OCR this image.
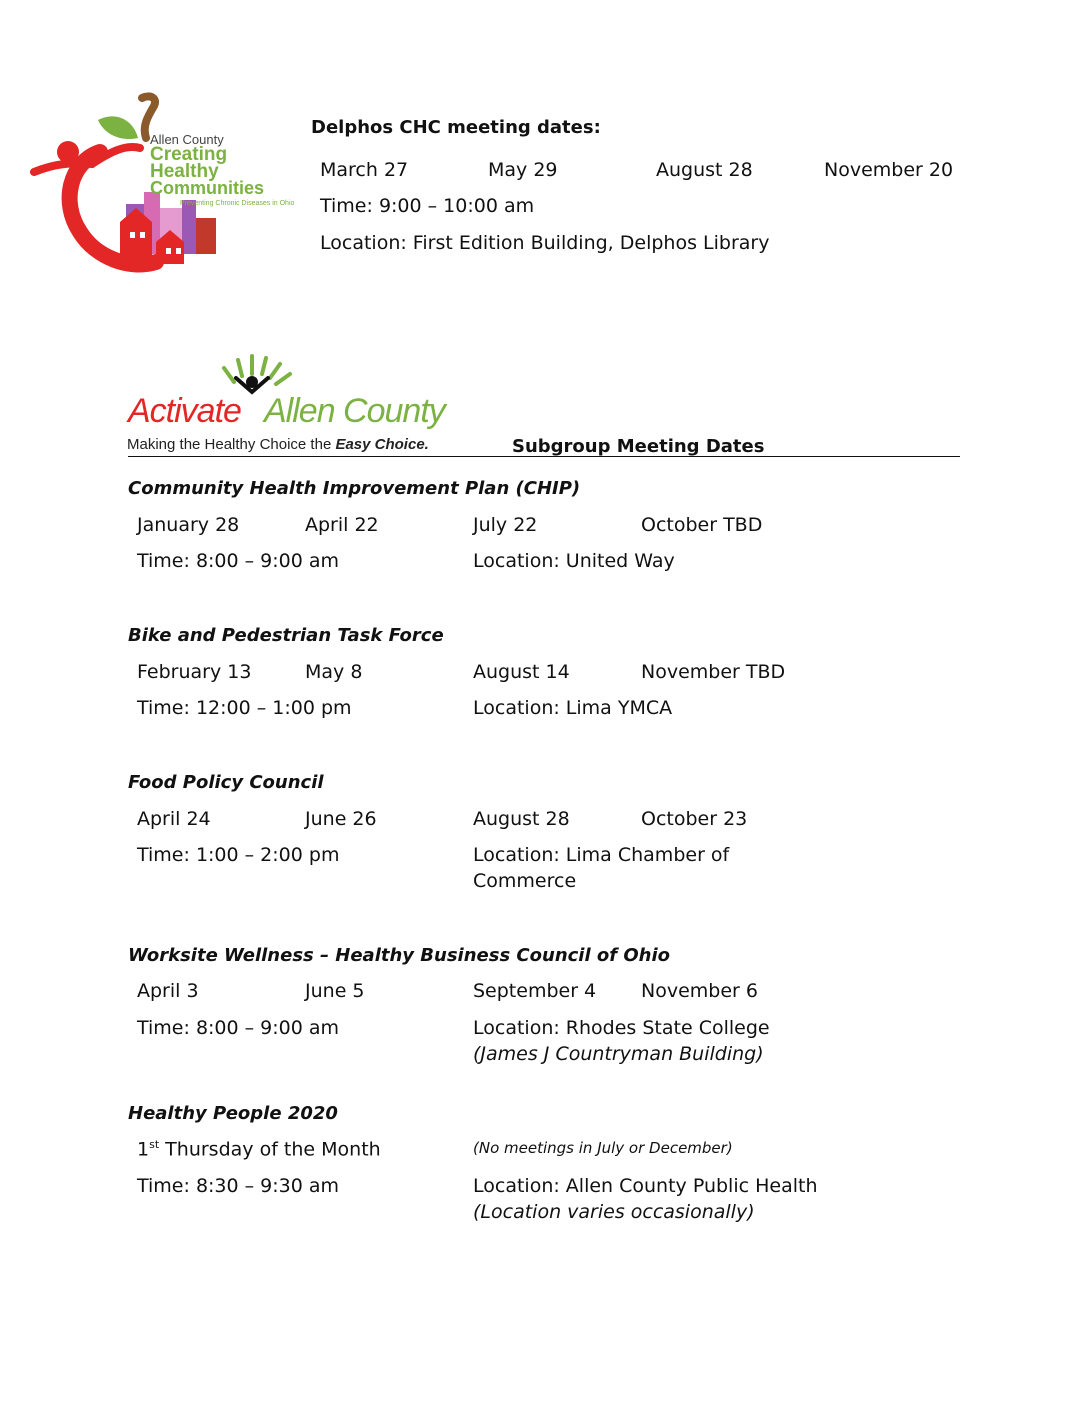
Allen County
Creating
Healthy
Communities
Preventing Chronic Diseases in Ohio
Delphos CHC meeting dates:
March 27	May 29	August 28	November 20
Time: 9:00 – 10:00 am
Location: First Edition Building, Delphos Library
Activate Allen County
Making the Healthy Choice the Easy Choice.	Subgroup Meeting Dates
Community Health Improvement Plan (CHIP)
January 28	April 22	July 22	October TBD
Time: 8:00 – 9:00 am	Location: United Way
Bike and Pedestrian Task Force
February 13	May 8	August 14	November TBD
Time: 12:00 – 1:00 pm	Location: Lima YMCA
Food Policy Council
April 24	June 26	August 28	October 23
Time: 1:00 – 2:00 pm	Location: Lima Chamber of
Commerce
Worksite Wellness – Healthy Business Council of Ohio
April 3	June 5	September 4 November 6
Time: 8:00 – 9:00 am	Location: Rhodes State College
(James J Countryman Building)
Healthy People 2020
1st Thursday of the Month	(No meetings in July or December)
Time: 8:30 – 9:30 am	Location: Allen County Public Health
(Location varies occasionally)
